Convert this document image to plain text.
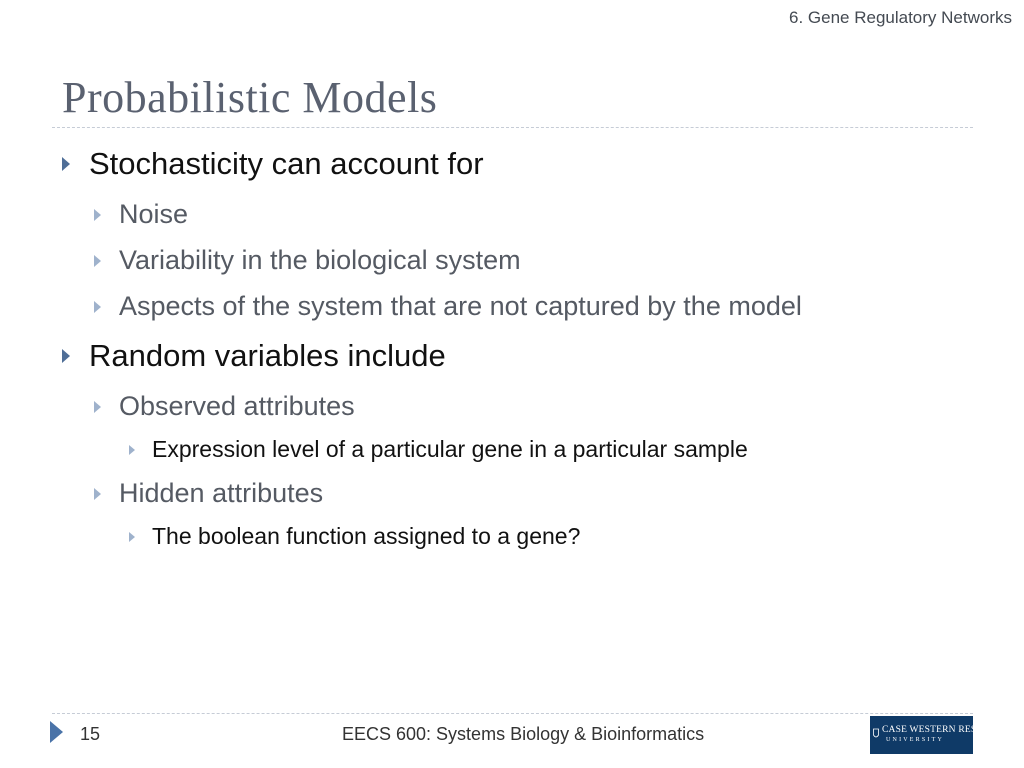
6. Gene Regulatory Networks
Probabilistic Models
Stochasticity can account for
Noise
Variability in the biological system
Aspects of the system that are not captured by the model
Random variables include
Observed attributes
Expression level of a particular gene in a particular sample
Hidden attributes
The boolean function assigned to a gene?
15	EECS 600: Systems Biology & Bioinformatics	CASE WESTERN RESERVE
UNIVERSITY
